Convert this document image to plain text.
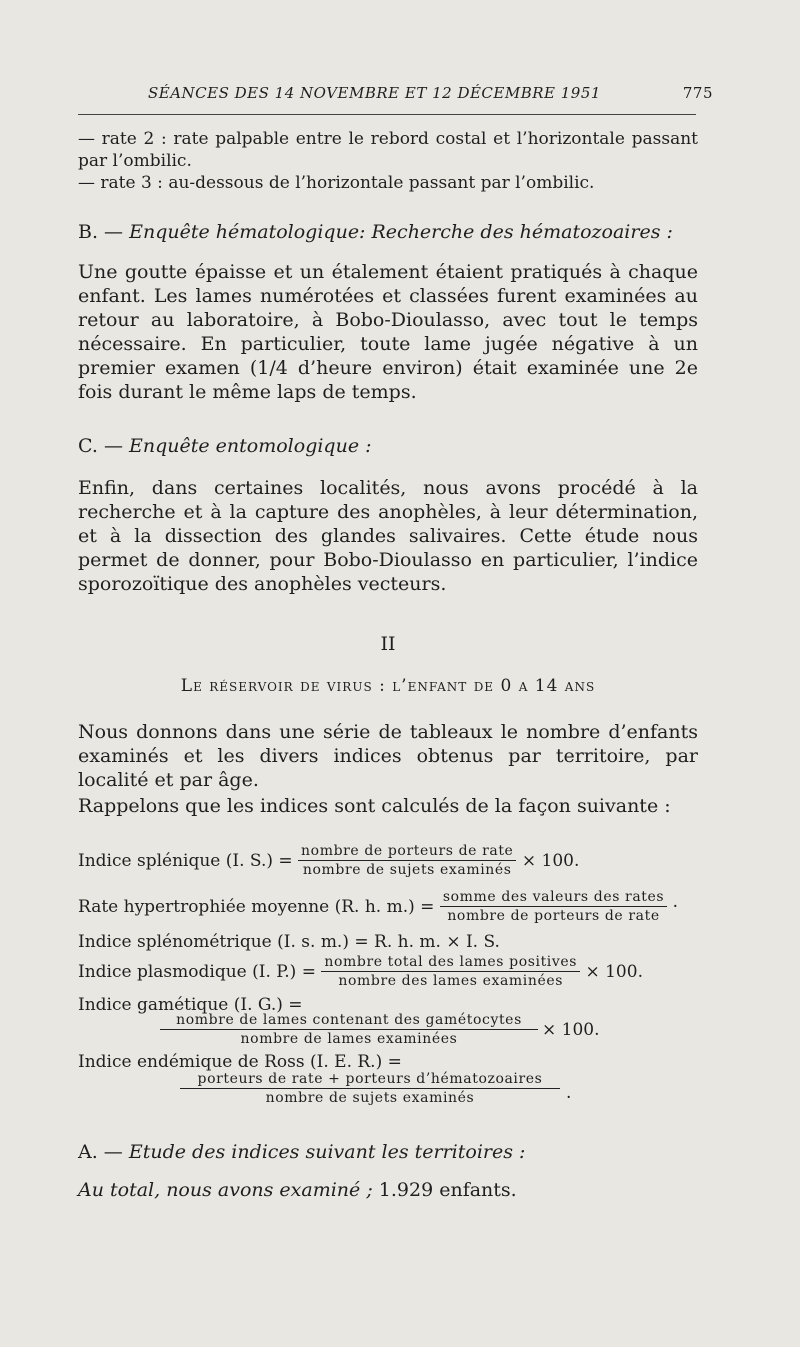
SÉANCES DES 14 NOVEMBRE ET 12 DÉCEMBRE 1951	775
— rate 2 : rate palpable entre le rebord costal et l’horizontale passant par l’ombilic.
— rate 3 : au-dessous de l’horizontale passant par l’ombilic.
B. — Enquête hématologique: Recherche des hématozoaires :
Une goutte épaisse et un étalement étaient pratiqués à chaque enfant. Les lames numérotées et classées furent examinées au retour au laboratoire, à Bobo-Dioulasso, avec tout le temps nécessaire. En particulier, toute lame jugée négative à un premier examen (1/4 d’heure environ) était examinée une 2e fois durant le même laps de temps.
C. — Enquête entomologique :
Enfin, dans certaines localités, nous avons procédé à la recherche et à la capture des anophèles, à leur détermination, et à la dissection des glandes salivaires. Cette étude nous permet de donner, pour Bobo-Dioulasso en particulier, l’indice sporozoïtique des anophèles vecteurs.
II
Le réservoir de virus : l’enfant de 0 a 14 ans
Nous donnons dans une série de tableaux le nombre d’enfants examinés et les divers indices obtenus par territoire, par localité et par âge.
Rappelons que les indices sont calculés de la façon suivante :
Indice splénique (I. $S.) = \frac{\text{nombre de porteurs de rate}}{\text{nombre de sujets examinés}} \times 100$.
Rate hypertrophiée moyenne (R. h. $m.) = \frac{\text{somme des valeurs des rates}}{\text{nombre de porteurs de rate}}$ ·
Indice splénométrique (I. s. m.) = R. h. m. × I. S.
Indice plasmodique (I. $P.) = \frac{\text{nombre total des lames positives}}{\text{nombre des lames examinées}} \times 100$.
Indice gamétique (I. G.) =
nombre de lames contenant des gamétocytes
nombre de lames examinées	× 100.
Indice endémique de Ross (I. E. R.) =
porteurs de rate + porteurs d’hématozoaires
nombre de sujets examinés	·
A. — Etude des indices suivant les territoires :
Au total, nous avons examiné ; 1.929 enfants.
